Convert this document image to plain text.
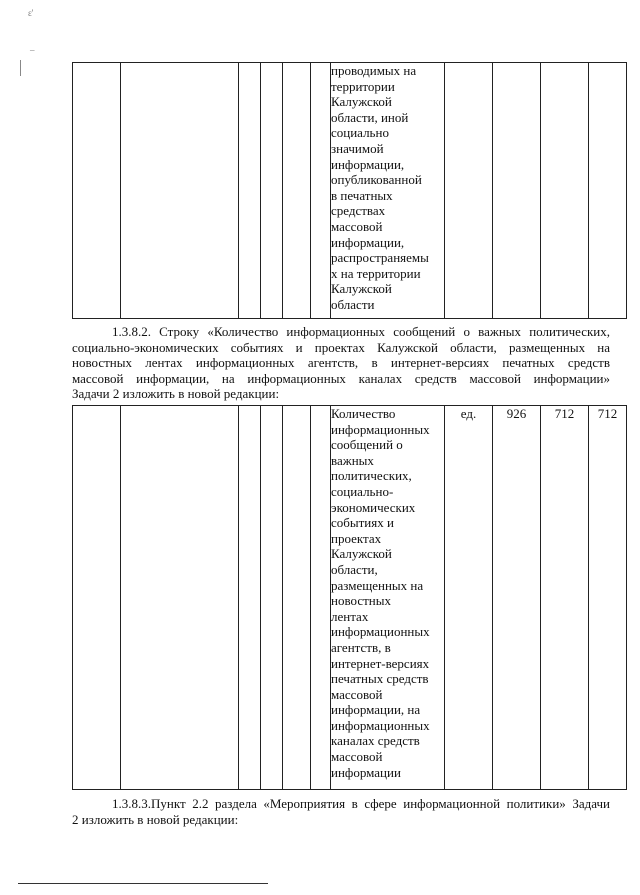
ɛ'
–
						проводимых на
территории
Калужской
области, иной
социально
значимой
информации,
опубликованной
в печатных
средствах
массовой
информации,
распространяемы
х на территории
Калужской
области				
1.3.8.2. Строку «Количество информационных сообщений о важных политических,
социально-экономических событиях и проектах Калужской области, размещенных на
новостных лентах информационных агентств, в интернет-версиях печатных средств
массовой информации, на информационных каналах средств массовой информации»
Задачи 2 изложить в новой редакции:
						Количество
информационных
сообщений о
важных
политических,
социально-
экономических
событиях и
проектах
Калужской
области,
размещенных на
новостных
лентах
информационных
агентств, в
интернет-версиях
печатных средств
массовой
информации, на
информационных
каналах средств
массовой
информации	ед.	926	712	712
1.3.8.3.Пункт 2.2 раздела «Мероприятия в сфере информационной политики» Задачи
2 изложить в новой редакции:
